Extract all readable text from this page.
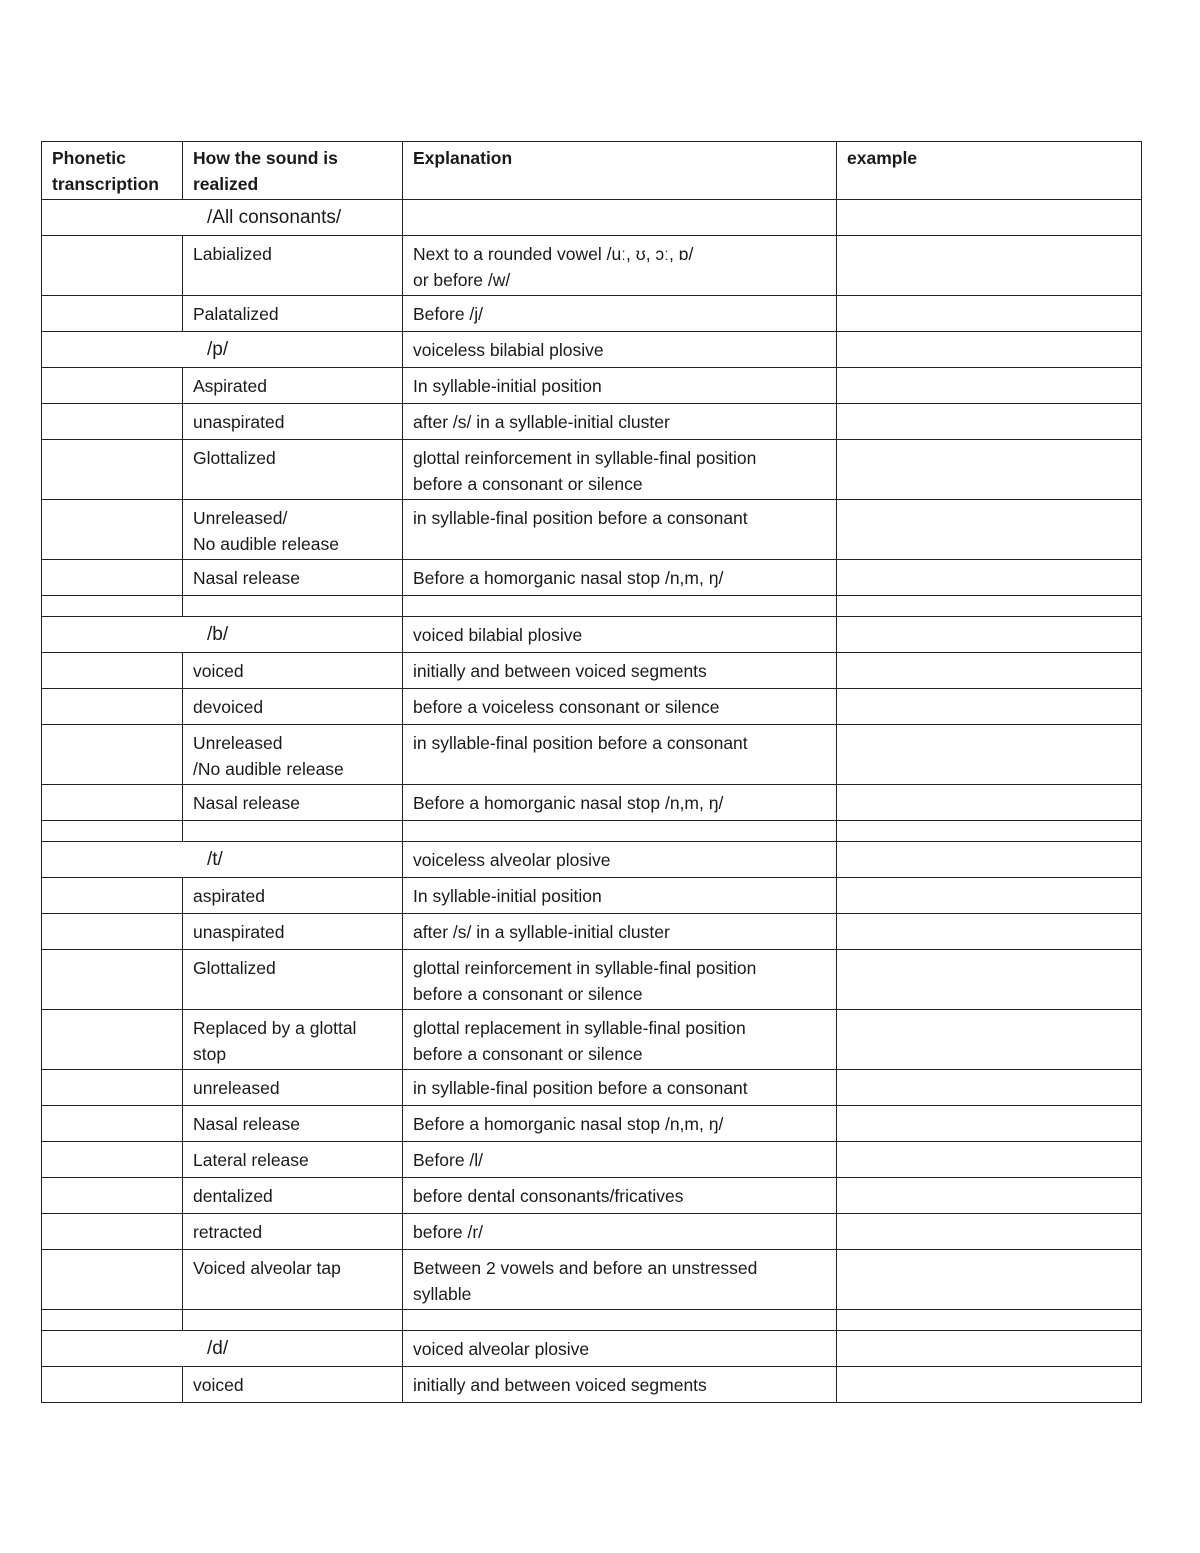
Phonetic
transcription	How the sound is
realized	Explanation	example
/All consonants/			
	Labialized	Next to a rounded vowel /uː, ʊ, ɔː, ɒ/
or before /w/	
	Palatalized	Before /j/	
/p/		voiceless bilabial plosive	
	Aspirated	In syllable-initial position	
	unaspirated	after /s/ in a syllable-initial cluster	
	Glottalized	glottal reinforcement in syllable-final position
before a consonant or silence	
	Unreleased/
No audible release	in syllable-final position before a consonant	
	Nasal release	Before a homorganic nasal stop /n,m, ŋ/	

/b/		voiced bilabial plosive	
	voiced	initially and between voiced segments	
	devoiced	before a voiceless consonant or silence	
	Unreleased
/No audible release	in syllable-final position before a consonant	
	Nasal release	Before a homorganic nasal stop /n,m, ŋ/	

/t/		voiceless alveolar plosive	
	aspirated	In syllable-initial position	
	unaspirated	after /s/ in a syllable-initial cluster	
	Glottalized	glottal reinforcement in syllable-final position
before a consonant or silence	
	Replaced by a glottal
stop	glottal replacement in syllable-final position
before a consonant or silence	
	unreleased	in syllable-final position before a consonant	
	Nasal release	Before a homorganic nasal stop /n,m, ŋ/	
	Lateral release	Before /l/	
	dentalized	before dental consonants/fricatives	
	retracted	before /r/	
	Voiced alveolar tap	Between 2 vowels and before an unstressed
syllable	

/d/		voiced alveolar plosive	
	voiced	initially and between voiced segments	
